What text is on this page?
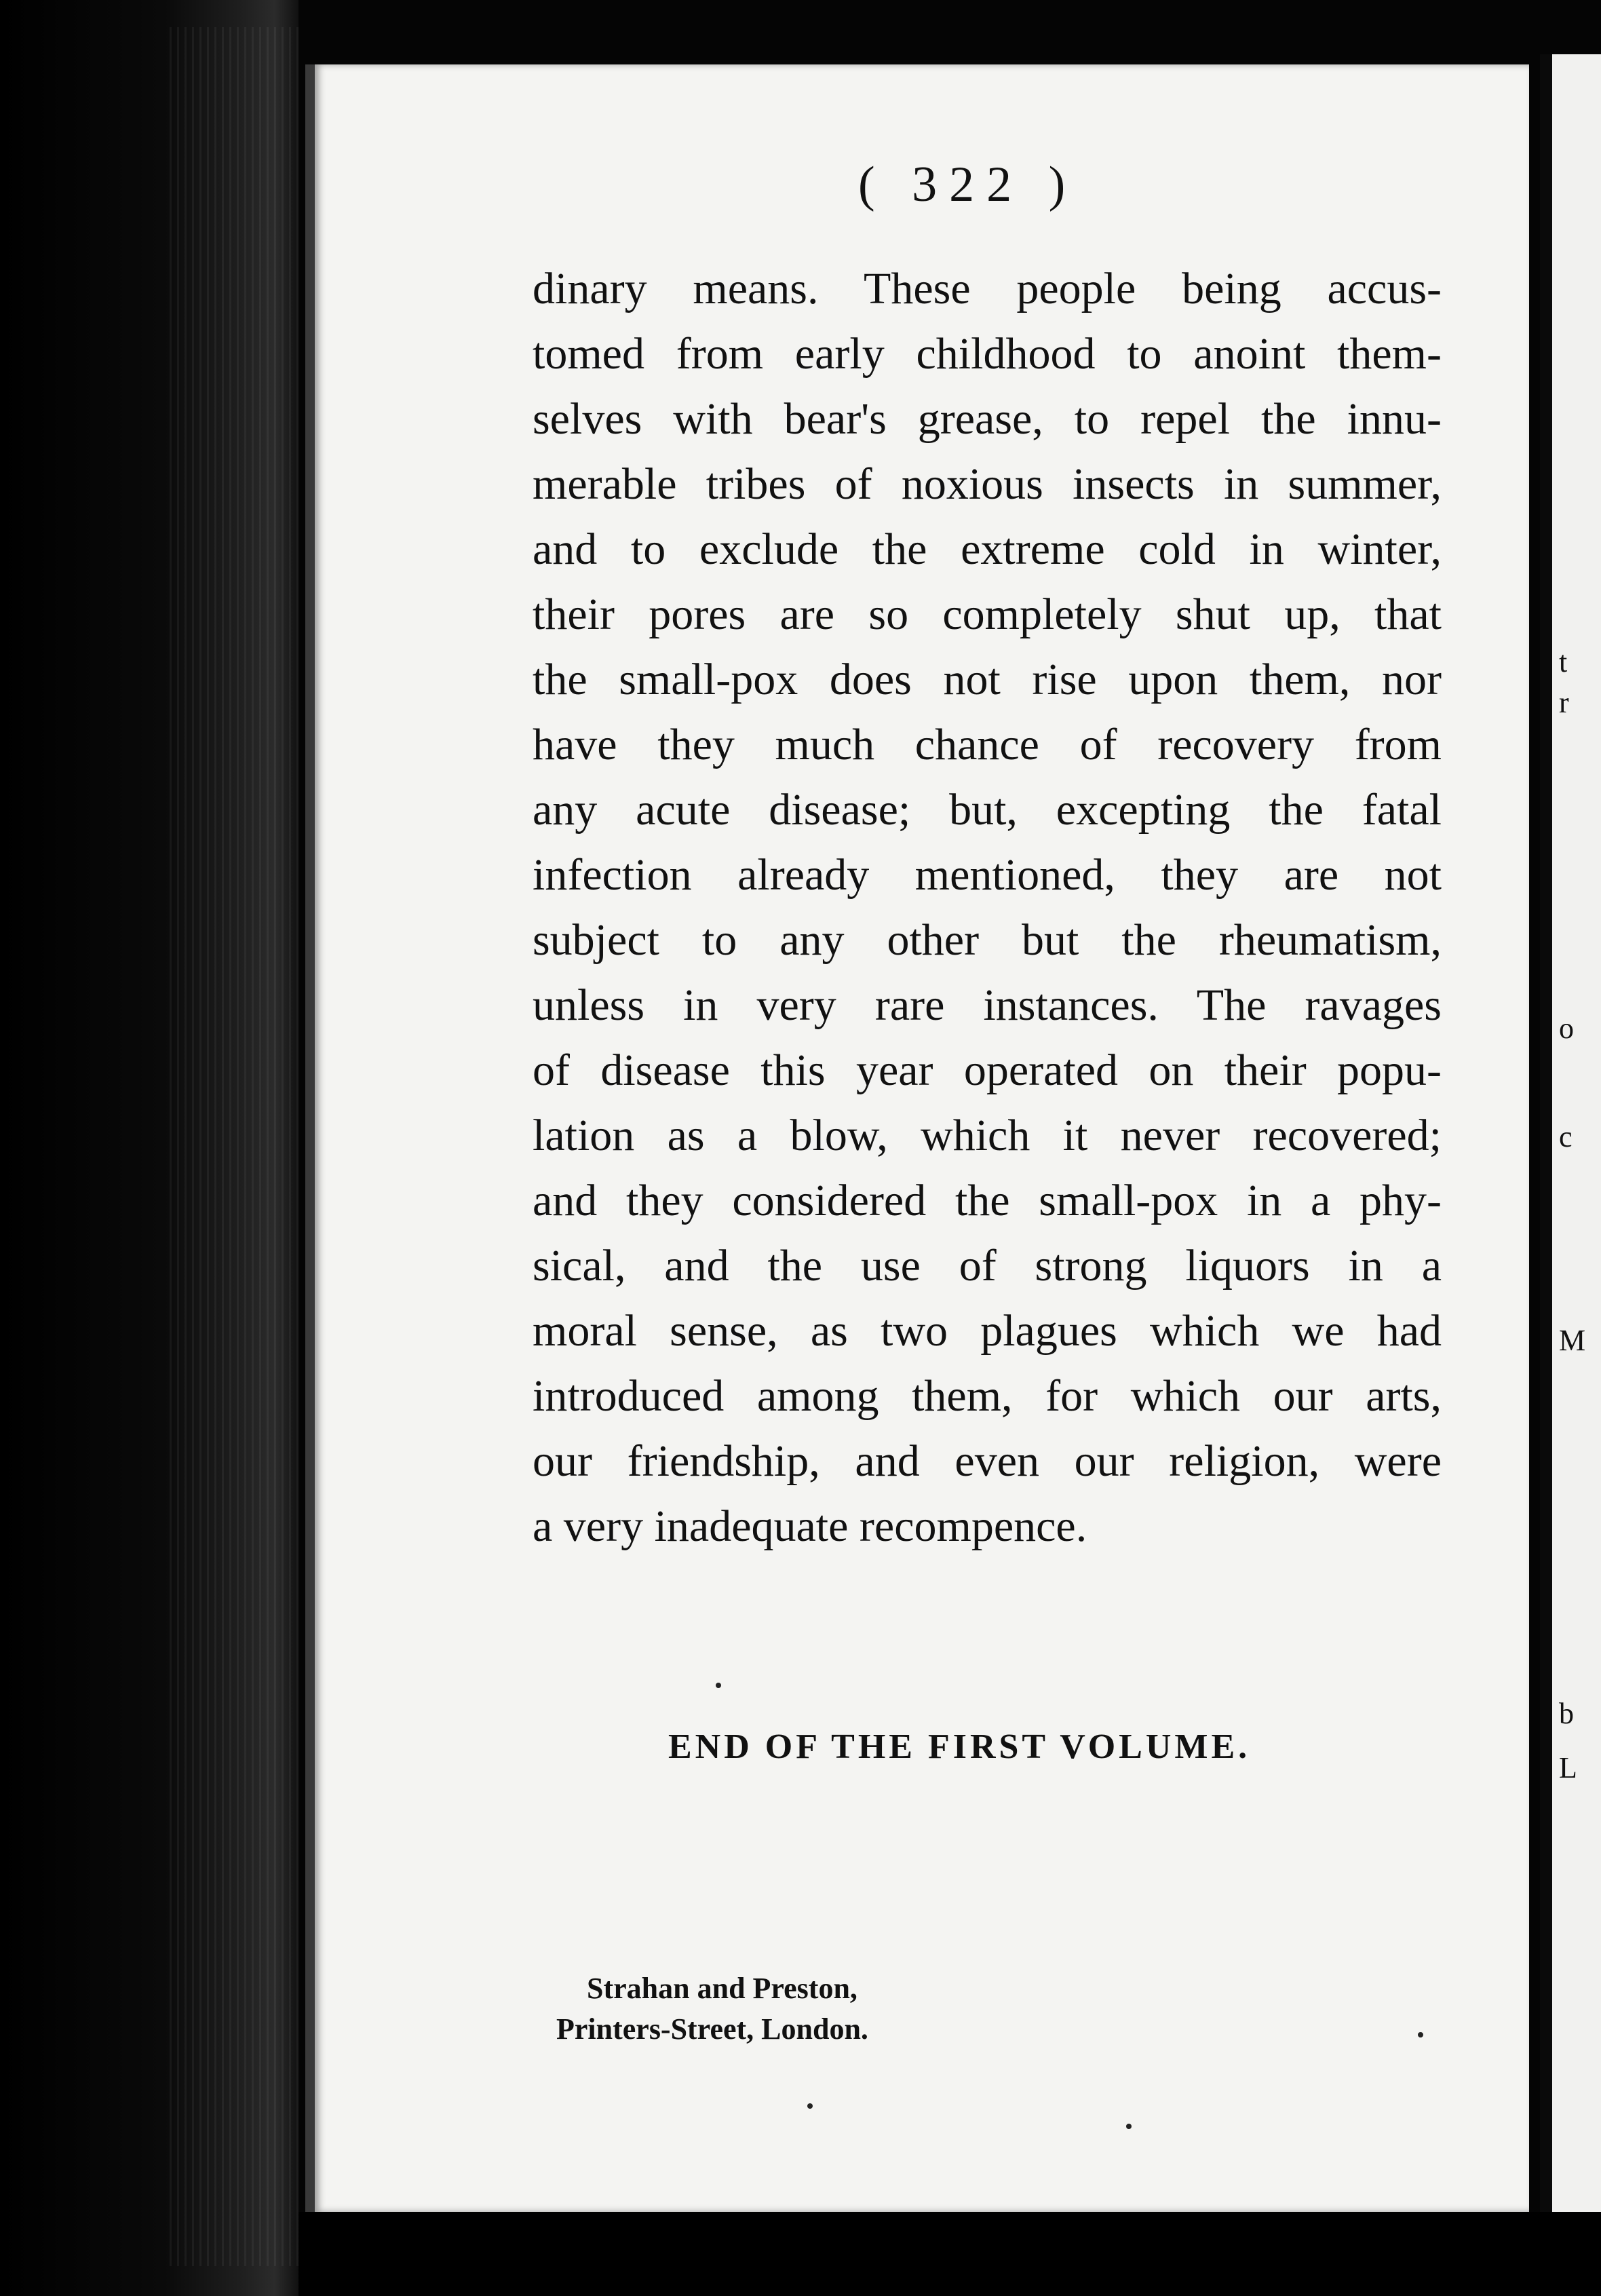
t
r
o
c
M
b
L
( 322 )
dinary means. These people being accus-
tomed from early childhood to anoint them-
selves with bear's grease, to repel the innu-
merable tribes of noxious insects in summer,
and to exclude the extreme cold in winter,
their pores are so completely shut up, that
the small-pox does not rise upon them, nor
have they much chance of recovery from
any acute disease; but, excepting the fatal
infection already mentioned, they are not
subject to any other but the rheumatism,
unless in very rare instances. The ravages
of disease this year operated on their popu-
lation as a blow, which it never recovered;
and they considered the small-pox in a phy-
sical, and the use of strong liquors in a
moral sense, as two plagues which we had
introduced among them, for which our arts,
our friendship, and even our religion, were
a very inadequate recompence.
END OF THE FIRST VOLUME.
Strahan and Preston,
Printers-Street, London.
